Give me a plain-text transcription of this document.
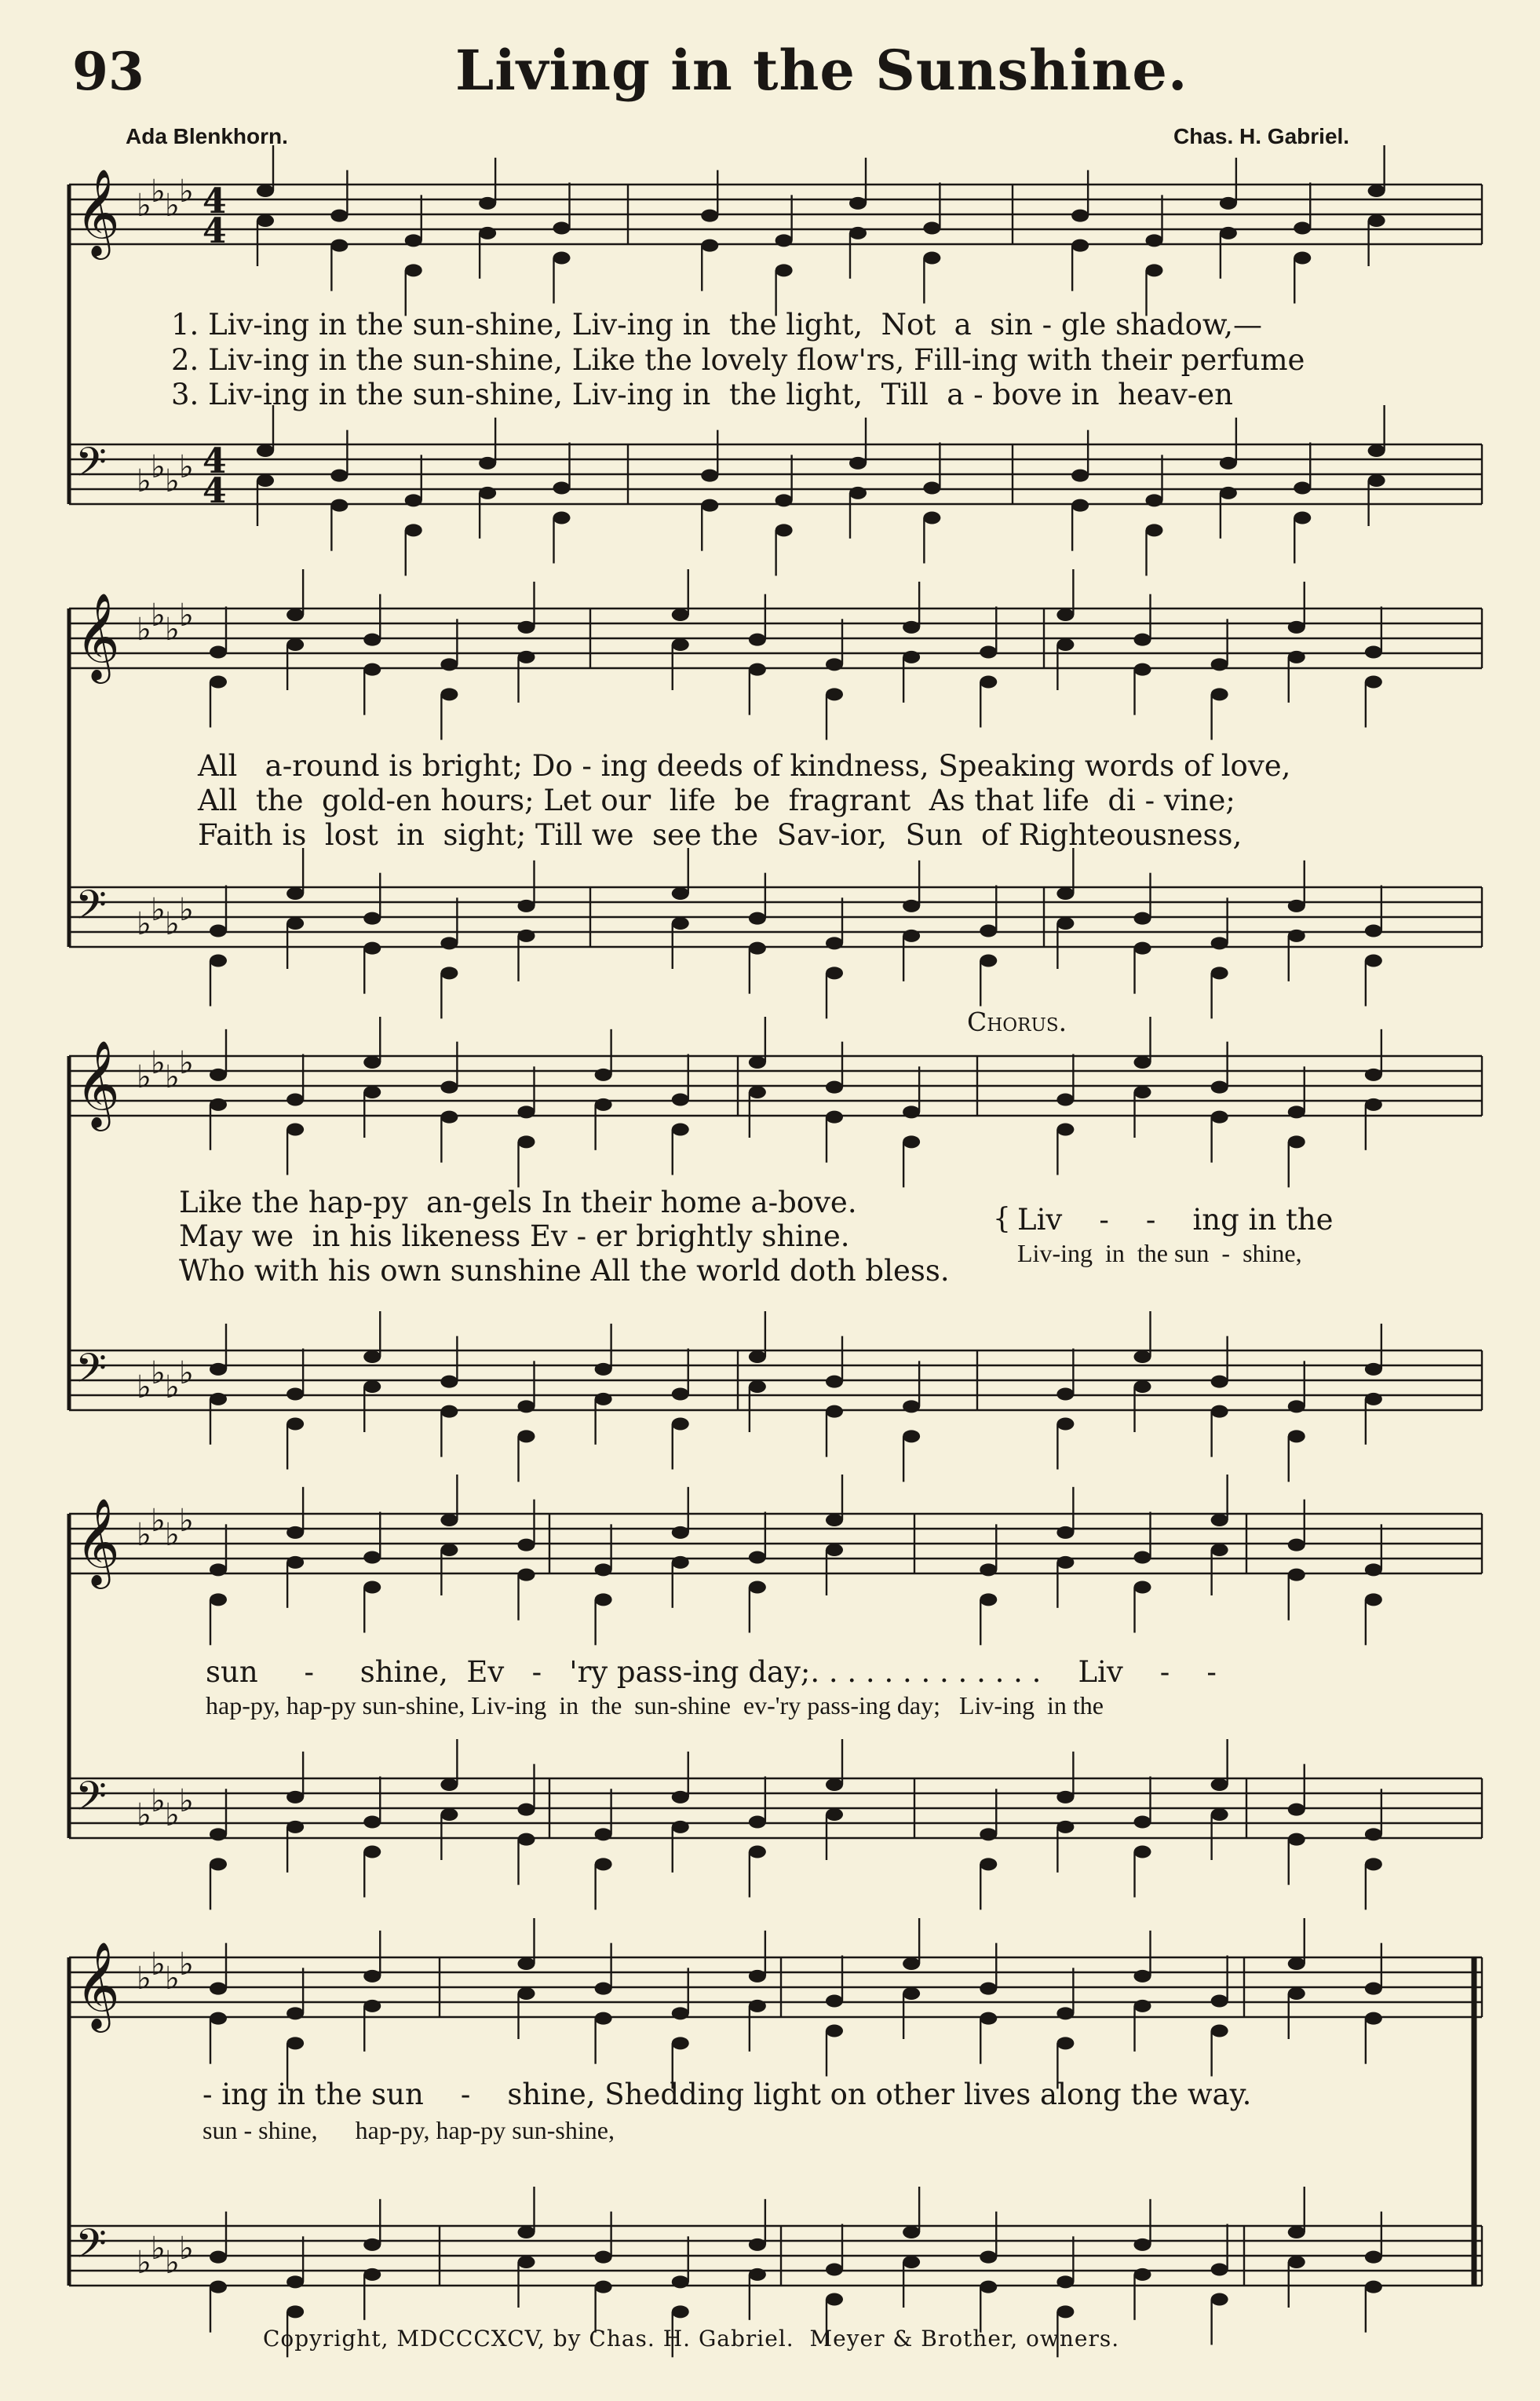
93	Living in the Sunshine.
Ada Blenkhorn.	Chas. H. Gabriel.
𝄞 ♭ ♭ ♭ ♭
𝄢 ♭ ♭ ♭ ♭
𝄞 ♭ ♭ ♭ ♭
𝄢 ♭ ♭ ♭ ♭
𝄞 ♭ ♭ ♭ ♭
𝄢 ♭ ♭ ♭ ♭
𝄞 ♭ ♭ ♭ ♭
𝄢 ♭ ♭ ♭ ♭
𝄞 ♭ ♭ ♭ ♭
𝄢 ♭ ♭ ♭ ♭
4
4
4
4
1. Liv-ing in the sun-shine, Liv-ing in  the light,  Not  a  sin - gle shadow,—
2. Liv-ing in the sun-shine, Like the lovely flow'rs, Fill-ing with their perfume
3. Liv-ing in the sun-shine, Liv-ing in  the light,  Till  a - bove in  heav-en
All   a-round is bright; Do - ing deeds of kindness, Speaking words of love,
All  the  gold-en hours; Let our  life  be  fragrant  As that life  di - vine;
Faith is  lost  in  sight; Till we  see the  Sav-ior,  Sun  of Righteousness,
Chorus.
Like the hap-py  an-gels In their home a-bove.
May we  in his likeness Ev - er brightly shine.
Who with his own sunshine All the world doth bless.
{ Liv    -    -    ing in the
Liv-ing  in  the sun  -  shine,
sun     -     shine,  Ev   -   'ry pass-ing day;. . . . . . . . . . . . .    Liv    -    -
hap-py, hap-py sun-shine, Liv-ing  in  the  sun-shine  ev-'ry pass-ing day;   Liv-ing  in the
- ing in the sun    -    shine, Shedding light on other lives along the way.
sun - shine,      hap-py, hap-py sun-shine,
Copyright, MDCCCXCV, by Chas. H. Gabriel.  Meyer & Brother, owners.
